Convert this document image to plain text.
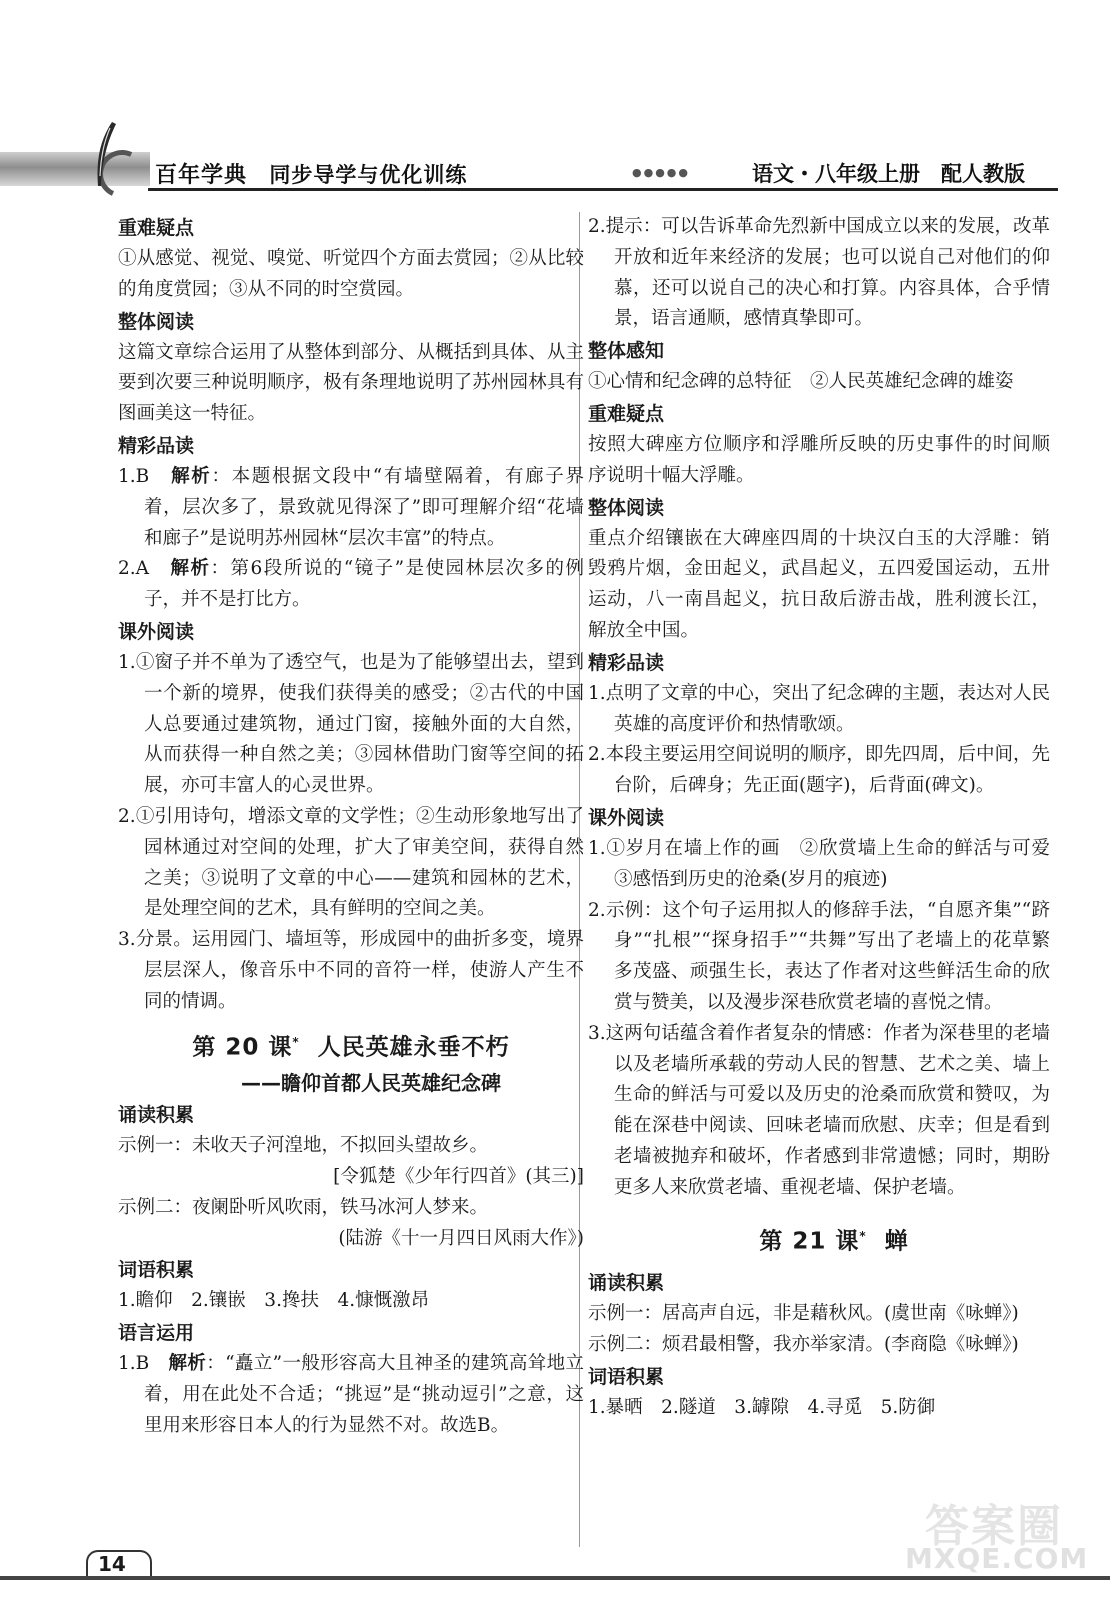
百年学典 同步导学与优化训练	●●●●●	语文・八年级上册　配人教版
重难疑点
①从感觉、视觉、嗅觉、听觉四个方面去赏园；②从比较的角度赏园；③从不同的时空赏园。
整体阅读
这篇文章综合运用了从整体到部分、从概括到具体、从主要到次要三种说明顺序，极有条理地说明了苏州园林具有图画美这一特征。
精彩品读
1.B　解析：本题根据文段中“有墙壁隔着，有廊子界着，层次多了，景致就见得深了”即可理解介绍“花墙和廊子”是说明苏州园林“层次丰富”的特点。
2.A　解析：第6段所说的“镜子”是使园林层次多的例子，并不是打比方。
课外阅读
1.①窗子并不单为了透空气，也是为了能够望出去，望到一个新的境界，使我们获得美的感受；②古代的中国人总要通过建筑物，通过门窗，接触外面的大自然，从而获得一种自然之美；③园林借助门窗等空间的拓展，亦可丰富人的心灵世界。
2.①引用诗句，增添文章的文学性；②生动形象地写出了园林通过对空间的处理，扩大了审美空间，获得自然之美；③说明了文章的中心——建筑和园林的艺术，是处理空间的艺术，具有鲜明的空间之美。
3.分景。运用园门、墙垣等，形成园中的曲折多变，境界层层深人，像音乐中不同的音符一样，使游人产生不同的情调。
第 20 课* 人民英雄永垂不朽
——瞻仰首都人民英雄纪念碑
诵读积累
示例一：未收天子河湟地，不拟回头望故乡。
[令狐楚《少年行四首》(其三)]
示例二：夜阑卧听风吹雨，铁马冰河人梦来。
(陆游《十一月四日风雨大作》)
词语积累
1.瞻仰　2.镶嵌　3.搀扶　4.慷慨激昂
语言运用
1.B　解析：“矗立”一般形容高大且神圣的建筑高耸地立着，用在此处不合适；“挑逗”是“挑动逗引”之意，这里用来形容日本人的行为显然不对。故选B。
2.提示：可以告诉革命先烈新中国成立以来的发展，改革开放和近年来经济的发展；也可以说自己对他们的仰慕，还可以说自己的决心和打算。内容具体，合乎情景，语言通顺，感情真挚即可。
整体感知
①心情和纪念碑的总特征　②人民英雄纪念碑的雄姿
重难疑点
按照大碑座方位顺序和浮雕所反映的历史事件的时间顺序说明十幅大浮雕。
整体阅读
重点介绍镶嵌在大碑座四周的十块汉白玉的大浮雕：销毁鸦片烟，金田起义，武昌起义，五四爱国运动，五卅运动，八一南昌起义，抗日敌后游击战，胜利渡长江，解放全中国。
精彩品读
1.点明了文章的中心，突出了纪念碑的主题，表达对人民英雄的高度评价和热情歌颂。
2.本段主要运用空间说明的顺序，即先四周，后中间，先台阶，后碑身；先正面(题字)，后背面(碑文)。
课外阅读
1.①岁月在墙上作的画　②欣赏墙上生命的鲜活与可爱　③感悟到历史的沧桑(岁月的痕迹)
2.示例：这个句子运用拟人的修辞手法，“自愿齐集”“跻身”“扎根”“探身招手”“共舞”写出了老墙上的花草繁多茂盛、顽强生长，表达了作者对这些鲜活生命的欣赏与赞美，以及漫步深巷欣赏老墙的喜悦之情。
3.这两句话蕴含着作者复杂的情感：作者为深巷里的老墙以及老墙所承载的劳动人民的智慧、艺术之美、墙上生命的鲜活与可爱以及历史的沧桑而欣赏和赞叹，为能在深巷中阅读、回味老墙而欣慰、庆幸；但是看到老墙被抛弃和破坏，作者感到非常遗憾；同时，期盼更多人来欣赏老墙、重视老墙、保护老墙。
第 21 课* 蝉
诵读积累
示例一：居高声自远，非是藉秋风。(虞世南《咏蝉》)
示例二：烦君最相警，我亦举家清。(李商隐《咏蝉》)
词语积累
1.暴晒　2.隧道　3.罅隙　4.寻觅　5.防御
14
答案圈
MXQE.COM
